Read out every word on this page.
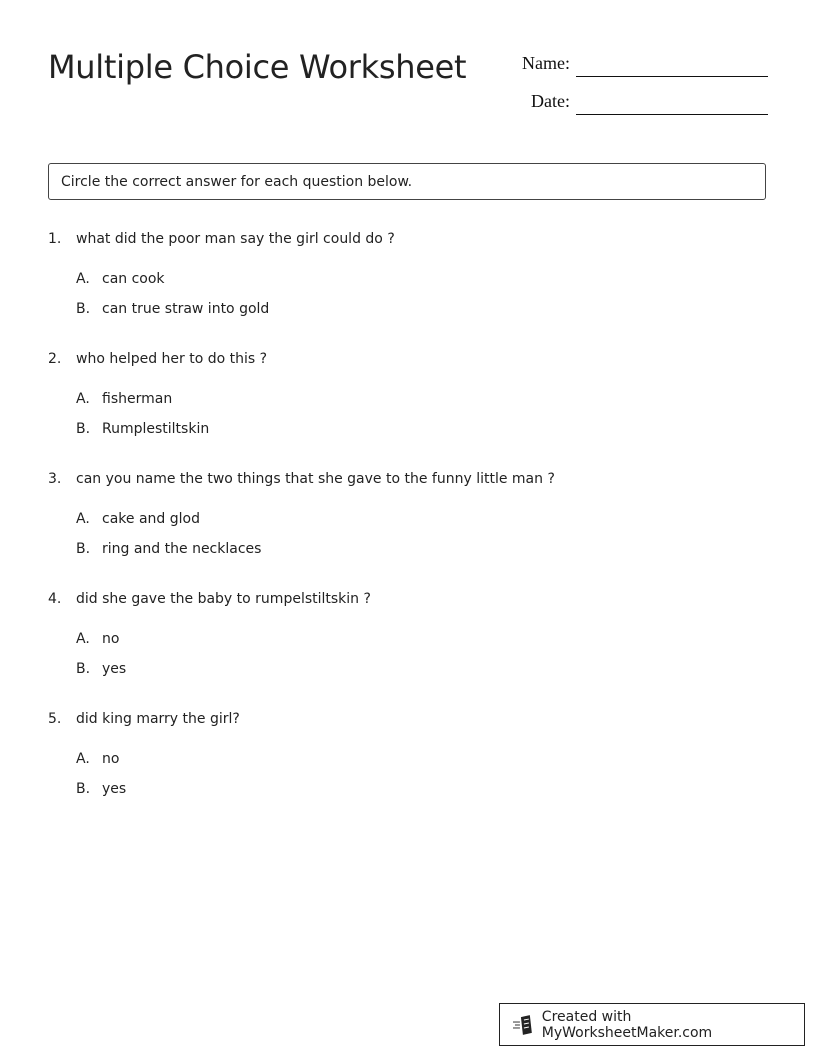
Multiple Choice Worksheet	Name:
Date:
Circle the correct answer for each question below.
1. what did the poor man say the girl could do ?
A. can cook
B. can true straw into gold
2. who helped her to do this ?
A. fisherman
B. Rumplestiltskin
3. can you name the two things that she gave to the funny little man ?
A. cake and glod
B. ring and the necklaces
4. did she gave the baby to rumpelstiltskin ?
A. no
B. yes
5. did king marry the girl?
A. no
B. yes
Created with MyWorksheetMaker.com
